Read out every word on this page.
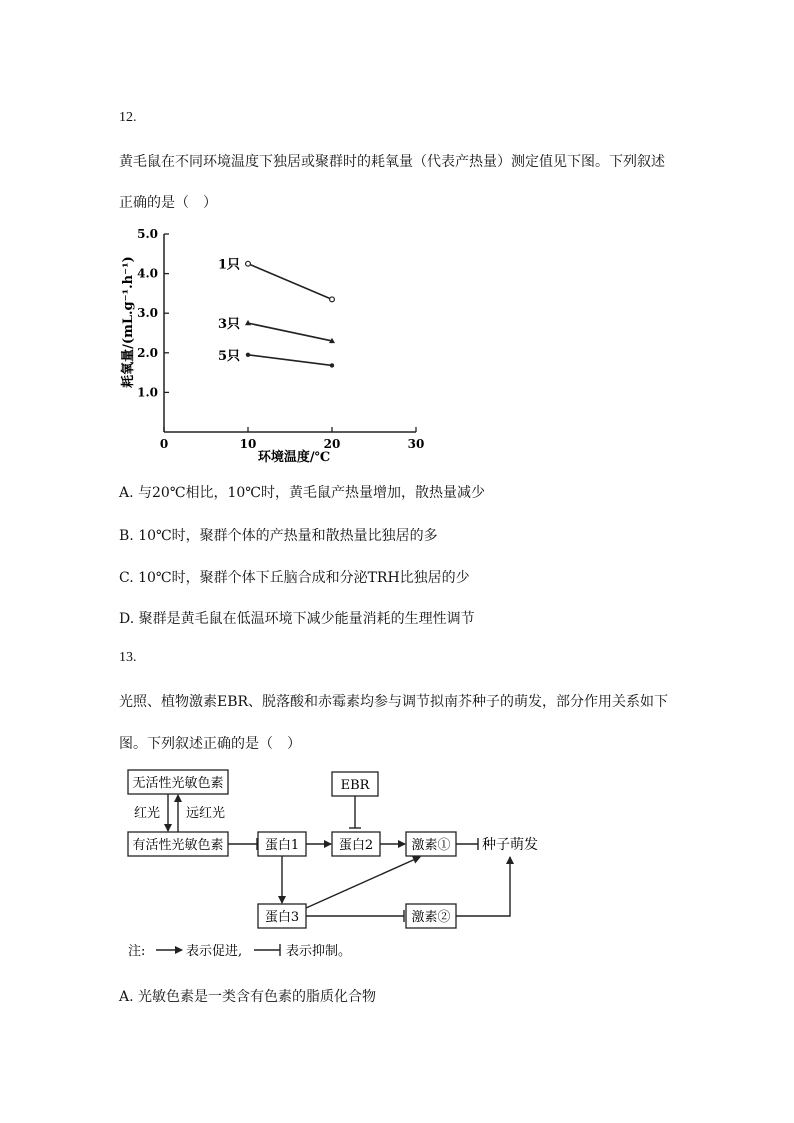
12.
黄毛鼠在不同环境温度下独居或聚群时的耗氧量（代表产热量）测定值见下图。下列叙述
正确的是（　）
0	10	20	30
1.0
2.0
3.0
4.0
5.0
1只
3只
5只
环境温度/℃
耗氧量/(mL.g⁻¹.h⁻¹)
A. 与20℃相比，10℃时，黄毛鼠产热量增加，散热量减少
B. 10℃时，聚群个体的产热量和散热量比独居的多
C. 10℃时，聚群个体下丘脑合成和分泌TRH比独居的少
D. 聚群是黄毛鼠在低温环境下减少能量消耗的生理性调节
13.
光照、植物激素EBR、脱落酸和赤霉素均参与调节拟南芥种子的萌发，部分作用关系如下
图。下列叙述正确的是（　）
无活性光敏色素
有活性光敏色素	蛋白1
EBR
蛋白2	激素①
蛋白3	激素②
种子萌发
红光 远红光
注:	表示促进,	表示抑制。
A. 光敏色素是一类含有色素的脂质化合物
